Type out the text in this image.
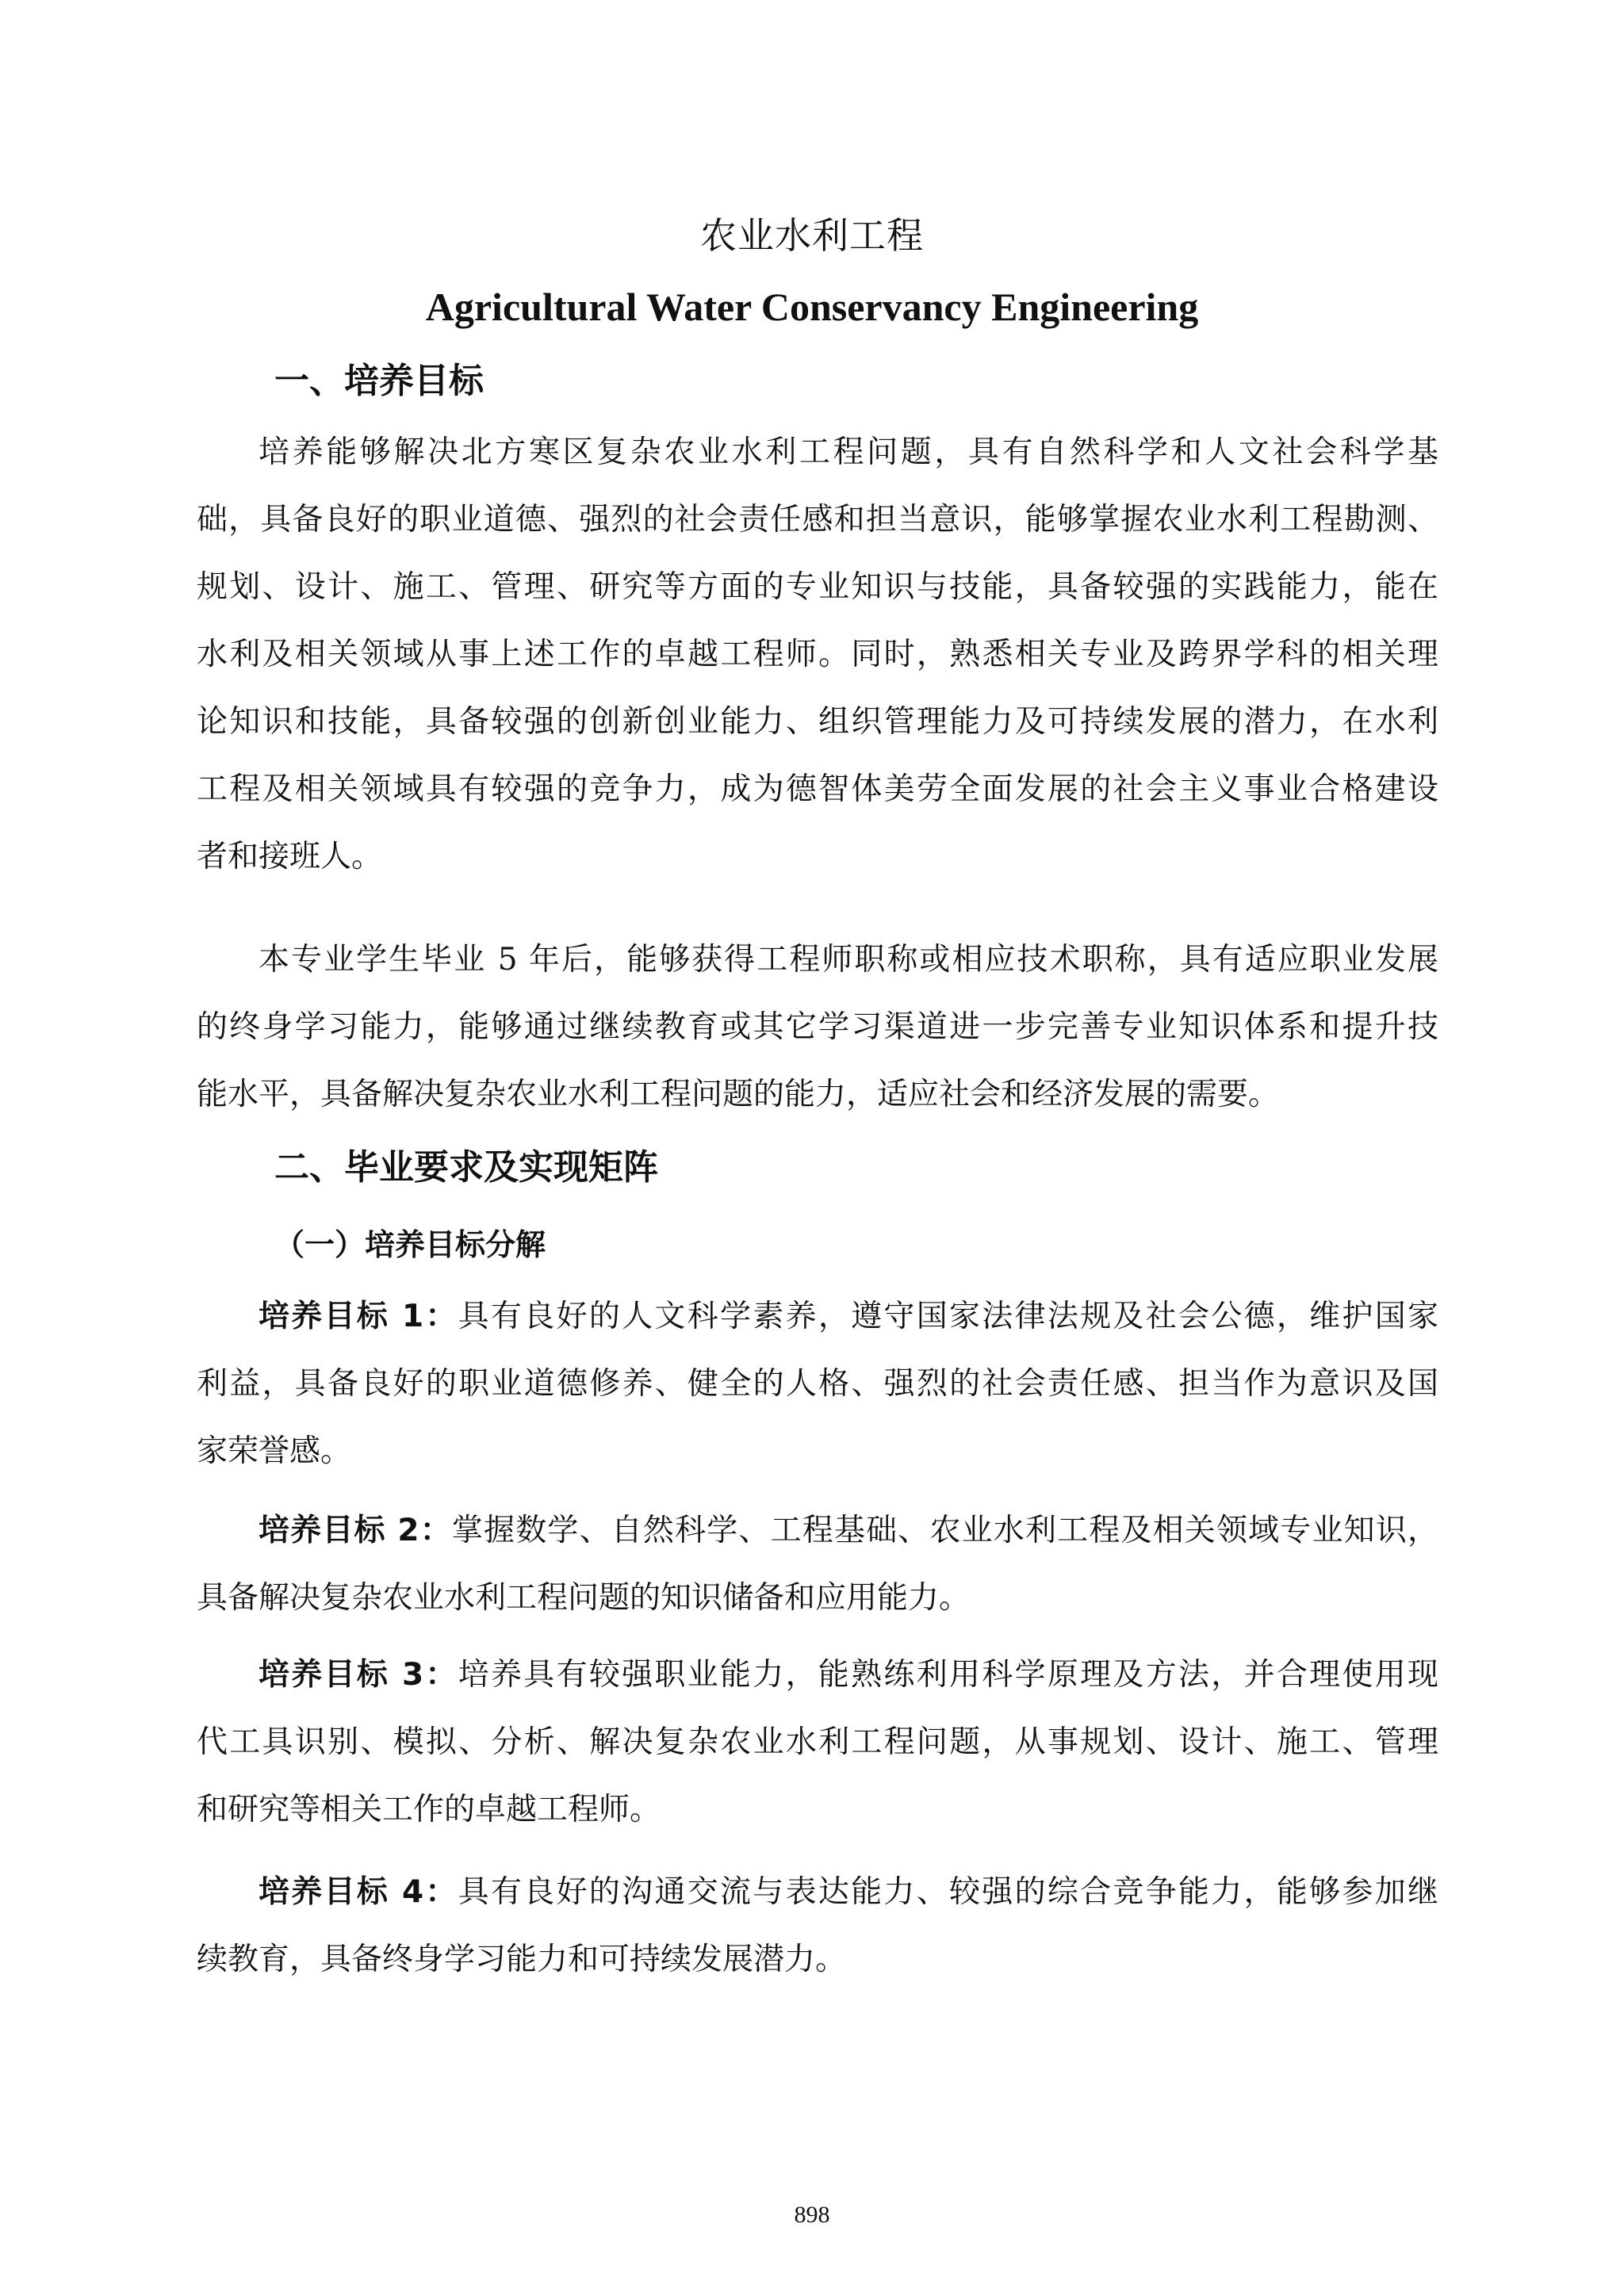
农业水利工程
Agricultural Water Conservancy Engineering
一、培养目标
培养能够解决北方寒区复杂农业水利工程问题，具有自然科学和人文社会科学基
础，具备良好的职业道德、强烈的社会责任感和担当意识，能够掌握农业水利工程勘测、
规划、设计、施工、管理、研究等方面的专业知识与技能，具备较强的实践能力，能在
水利及相关领域从事上述工作的卓越工程师。同时，熟悉相关专业及跨界学科的相关理
论知识和技能，具备较强的创新创业能力、组织管理能力及可持续发展的潜力，在水利
工程及相关领域具有较强的竞争力，成为德智体美劳全面发展的社会主义事业合格建设
者和接班人。
本专业学生毕业 5 年后，能够获得工程师职称或相应技术职称，具有适应职业发展
的终身学习能力，能够通过继续教育或其它学习渠道进一步完善专业知识体系和提升技
能水平，具备解决复杂农业水利工程问题的能力，适应社会和经济发展的需要。
二、毕业要求及实现矩阵
（一）培养目标分解
培养目标 1：具有良好的人文科学素养，遵守国家法律法规及社会公德，维护国家
利益，具备良好的职业道德修养、健全的人格、强烈的社会责任感、担当作为意识及国
家荣誉感。
培养目标 2：掌握数学、自然科学、工程基础、农业水利工程及相关领域专业知识，
具备解决复杂农业水利工程问题的知识储备和应用能力。
培养目标 3：培养具有较强职业能力，能熟练利用科学原理及方法，并合理使用现
代工具识别、模拟、分析、解决复杂农业水利工程问题，从事规划、设计、施工、管理
和研究等相关工作的卓越工程师。
培养目标 4：具有良好的沟通交流与表达能力、较强的综合竞争能力，能够参加继
续教育，具备终身学习能力和可持续发展潜力。
898
